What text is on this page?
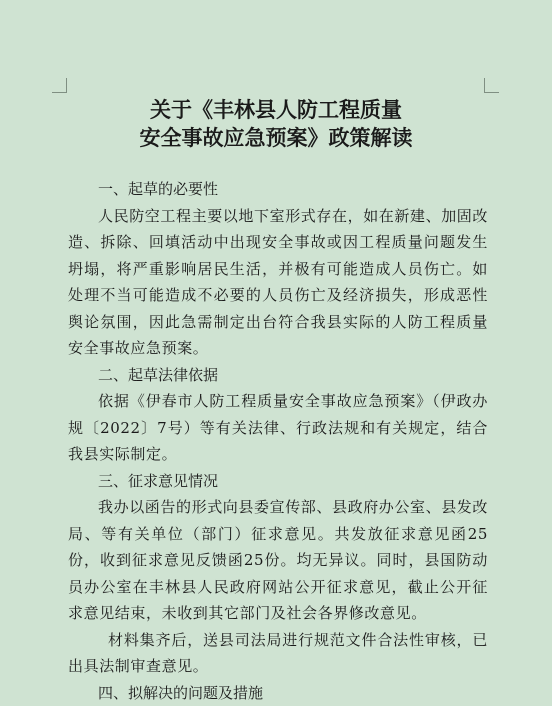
关于《丰林县人防工程质量
安全事故应急预案》政策解读

一、起草的必要性

人民防空工程主要以地下室形式存在，如在新建、加固改造、拆除、回填活动中出现安全事故或因工程质量问题发生坍塌，将严重影响居民生活，并极有可能造成人员伤亡。如处理不当可能造成不必要的人员伤亡及经济损失，形成恶性舆论氛围，因此急需制定出台符合我县实际的人防工程质量安全事故应急预案。

二、起草法律依据

依据《伊春市人防工程质量安全事故应急预案》（伊政办规〔2022〕7号）等有关法律、行政法规和有关规定，结合我县实际制定。

三、征求意见情况

我办以函告的形式向县委宣传部、县政府办公室、县发改局、等有关单位（部门）征求意见。共发放征求意见函25份，收到征求意见反馈函25份。均无异议。同时，县国防动员办公室在丰林县人民政府网站公开征求意见，截止公开征求意见结束，未收到其它部门及社会各界修改意见。

材料集齐后，送县司法局进行规范文件合法性审核，已出具法制审查意见。

四、拟解决的问题及措施
